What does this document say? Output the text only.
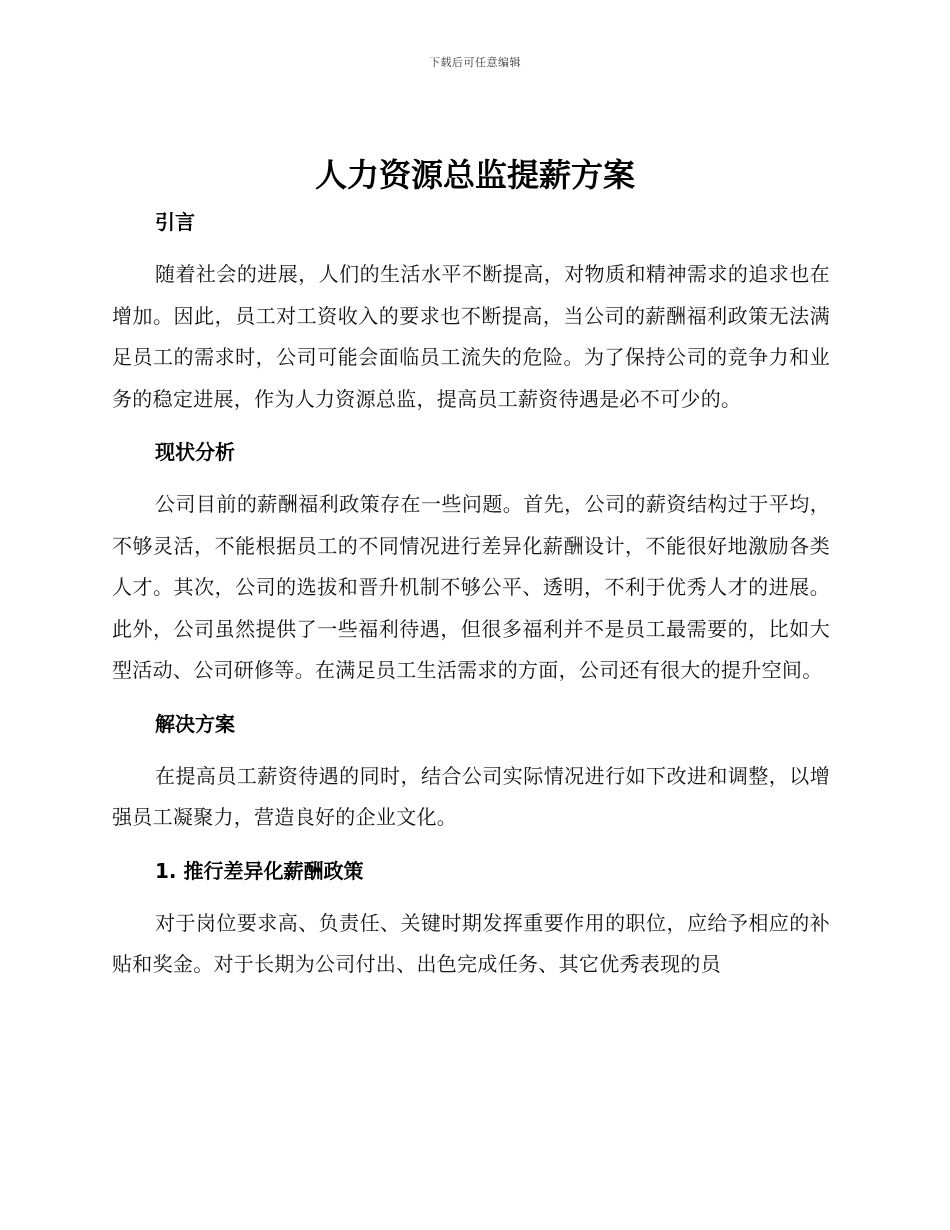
下载后可任意编辑
人力资源总监提薪方案
引言

随着社会的进展，人们的生活水平不断提高，对物质和精神需求的追求也在增加。因此，员工对工资收入的要求也不断提高，当公司的薪酬福利政策无法满足员工的需求时，公司可能会面临员工流失的危险。为了保持公司的竞争力和业务的稳定进展，作为人力资源总监，提高员工薪资待遇是必不可少的。

现状分析

公司目前的薪酬福利政策存在一些问题。首先，公司的薪资结构过于平均，不够灵活，不能根据员工的不同情况进行差异化薪酬设计，不能很好地激励各类人才。其次，公司的选拔和晋升机制不够公平、透明，不利于优秀人才的进展。此外，公司虽然提供了一些福利待遇，但很多福利并不是员工最需要的，比如大型活动、公司研修等。在满足员工生活需求的方面，公司还有很大的提升空间。

解决方案

在提高员工薪资待遇的同时，结合公司实际情况进行如下改进和调整，以增强员工凝聚力，营造良好的企业文化。

1. 推行差异化薪酬政策

对于岗位要求高、负责任、关键时期发挥重要作用的职位，应给予相应的补贴和奖金。对于长期为公司付出、出色完成任务、其它优秀表现的员
